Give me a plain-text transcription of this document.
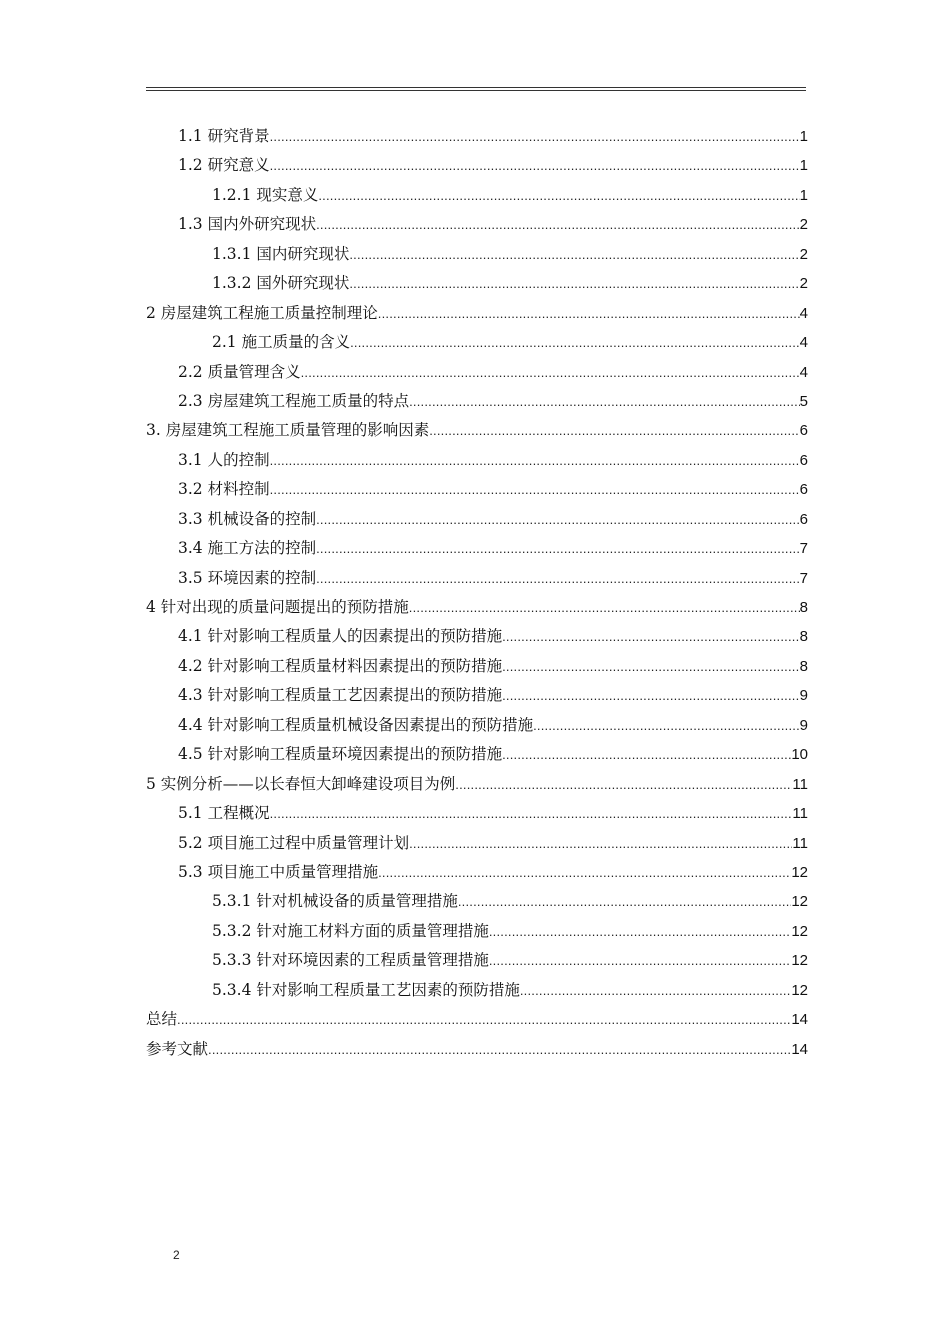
1.1 研究背景 .....	1
1.2 研究意义 .....	1
1.2.1 现实意义 .....	1
1.3 国内外研究现状 .....	2
1.3.1 国内研究现状 .....	2
1.3.2 国外研究现状 .....	2
2 房屋建筑工程施工质量控制理论 .....	4
2.1 施工质量的含义 .....	4
2.2 质量管理含义 .....	4
2.3 房屋建筑工程施工质量的特点 .....	5
3. 房屋建筑工程施工质量管理的影响因素 .....	6
3.1 人的控制 .....	6
3.2 材料控制 .....	6
3.3 机械设备的控制 .....	6
3.4 施工方法的控制 .....	7
3.5 环境因素的控制 .....	7
4 针对出现的质量问题提出的预防措施 .....	8
4.1 针对影响工程质量人的因素提出的预防措施 .....	8
4.2 针对影响工程质量材料因素提出的预防措施 .....	8
4.3 针对影响工程质量工艺因素提出的预防措施 .....	9
4.4 针对影响工程质量机械设备因素提出的预防措施 .....	9
4.5 针对影响工程质量环境因素提出的预防措施 .....	10
5 实例分析——以长春恒大卸峰建设项目为例 .....	11
5.1 工程概况 .....	11
5.2 项目施工过程中质量管理计划 .....	11
5.3 项目施工中质量管理措施 .....	12
5.3.1 针对机械设备的质量管理措施 .....	12
5.3.2 针对施工材料方面的质量管理措施 .....	12
5.3.3 针对环境因素的工程质量管理措施 .....	12
5.3.4 针对影响工程质量工艺因素的预防措施 .....	12
总结 .....	14
参考文献 .....	14
2
